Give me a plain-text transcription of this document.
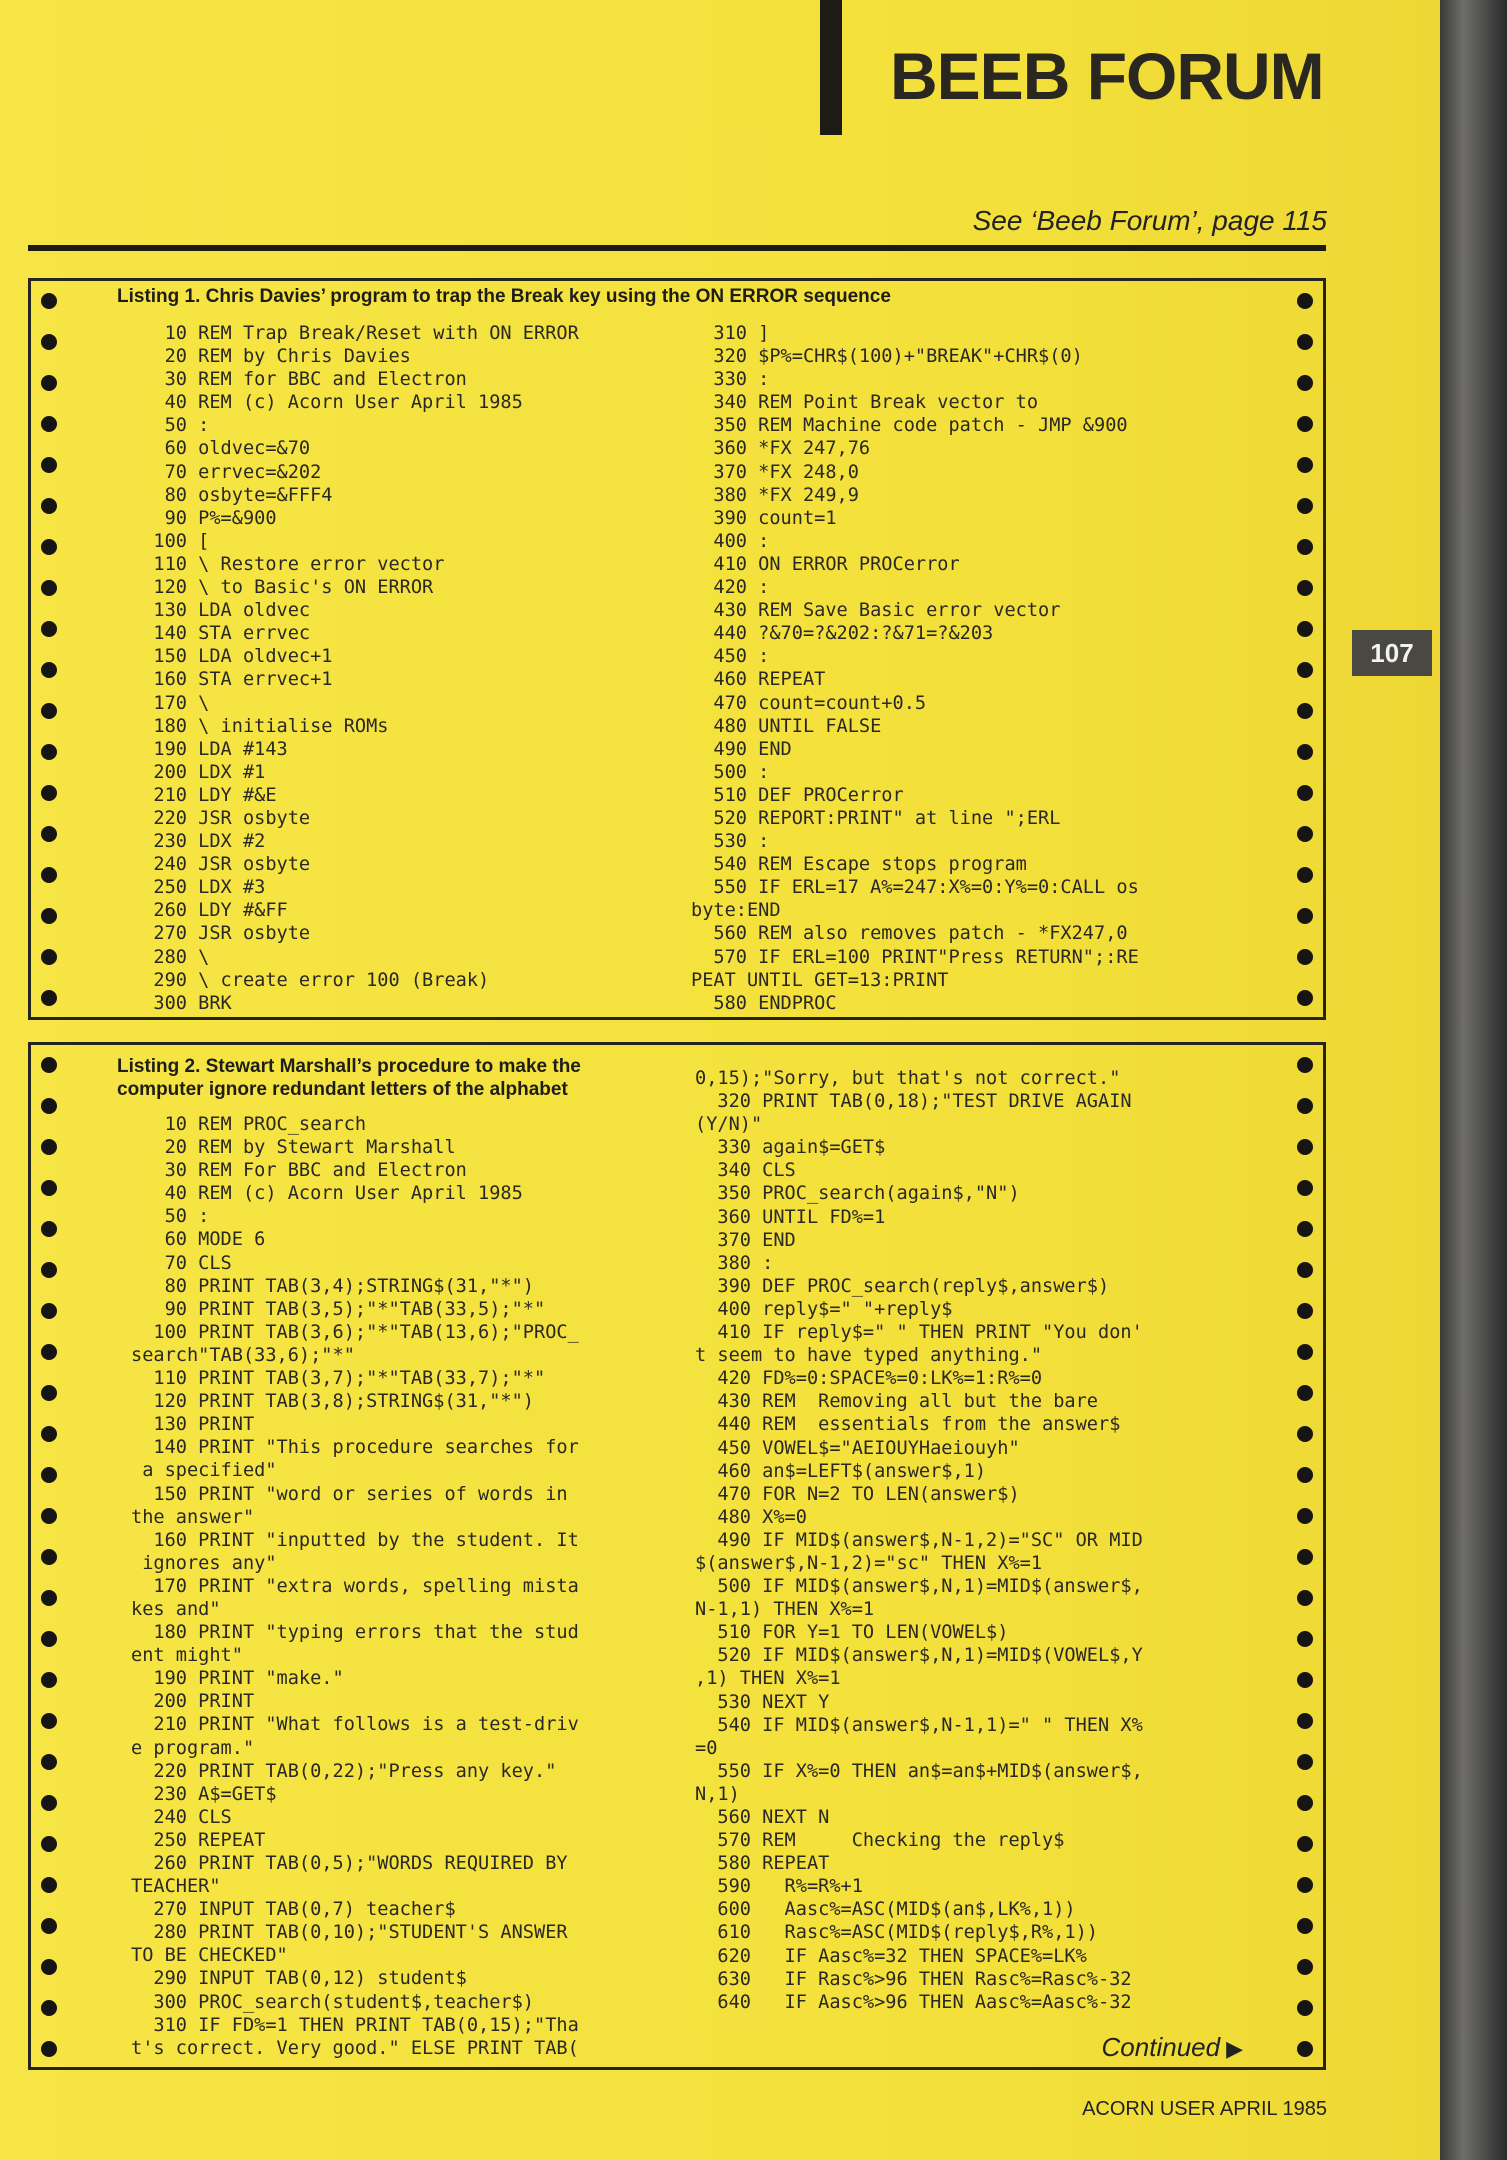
BEEB FORUM
See ‘Beeb Forum’, page 115
107
Listing 1. Chris Davies’ program to trap the Break key using the ON ERROR sequence
10 REM Trap Break/Reset with ON ERROR
20 REM by Chris Davies
30 REM for BBC and Electron
40 REM (c) Acorn User April 1985
50 :
60 oldvec=&70
70 errvec=&202
80 osbyte=&FFF4
90 P%=&900
100 [
110 \ Restore error vector
120 \ to Basic's ON ERROR
130 LDA oldvec
140 STA errvec
150 LDA oldvec+1
160 STA errvec+1
170 \
180 \ initialise ROMs
190 LDA #143
200 LDX #1
210 LDY #&E
220 JSR osbyte
230 LDX #2
240 JSR osbyte
250 LDX #3
260 LDY #&FF
270 JSR osbyte
280 \
290 \ create error 100 (Break)
300 BRK
310 ]
320 $P%=CHR$(100)+"BREAK"+CHR$(0)
330 :
340 REM Point Break vector to
350 REM Machine code patch - JMP &900
360 *FX 247,76
370 *FX 248,0
380 *FX 249,9
390 count=1
400 :
410 ON ERROR PROCerror
420 :
430 REM Save Basic error vector
440 ?&70=?&202:?&71=?&203
450 :
460 REPEAT
470 count=count+0.5
480 UNTIL FALSE
490 END
500 :
510 DEF PROCerror
520 REPORT:PRINT" at line ";ERL
530 :
540 REM Escape stops program
550 IF ERL=17 A%=247:X%=0:Y%=0:CALL os
byte:END
560 REM also removes patch - *FX247,0
570 IF ERL=100 PRINT"Press RETURN";:RE
PEAT UNTIL GET=13:PRINT
580 ENDPROC
Listing 2. Stewart Marshall’s procedure to make the
computer ignore redundant letters of the alphabet
10 REM PROC_search
20 REM by Stewart Marshall
30 REM For BBC and Electron
40 REM (c) Acorn User April 1985
50 :
60 MODE 6
70 CLS
80 PRINT TAB(3,4);STRING$(31,"*")
90 PRINT TAB(3,5);"*"TAB(33,5);"*"
100 PRINT TAB(3,6);"*"TAB(13,6);"PROC_
search"TAB(33,6);"*"
110 PRINT TAB(3,7);"*"TAB(33,7);"*"
120 PRINT TAB(3,8);STRING$(31,"*")
130 PRINT
140 PRINT "This procedure searches for
a specified"
150 PRINT "word or series of words in
the answer"
160 PRINT "inputted by the student. It
ignores any"
170 PRINT "extra words, spelling mista
kes and"
180 PRINT "typing errors that the stud
ent might"
190 PRINT "make."
200 PRINT
210 PRINT "What follows is a test-driv
e program."
220 PRINT TAB(0,22);"Press any key."
230 A$=GET$
240 CLS
250 REPEAT
260 PRINT TAB(0,5);"WORDS REQUIRED BY
TEACHER"
270 INPUT TAB(0,7) teacher$
280 PRINT TAB(0,10);"STUDENT'S ANSWER
TO BE CHECKED"
290 INPUT TAB(0,12) student$
300 PROC_search(student$,teacher$)
310 IF FD%=1 THEN PRINT TAB(0,15);"Tha
t's correct. Very good." ELSE PRINT TAB(
0,15);"Sorry, but that's not correct."
320 PRINT TAB(0,18);"TEST DRIVE AGAIN
(Y/N)"
330 again$=GET$
340 CLS
350 PROC_search(again$,"N")
360 UNTIL FD%=1
370 END
380 :
390 DEF PROC_search(reply$,answer$)
400 reply$=" "+reply$
410 IF reply$=" " THEN PRINT "You don'
t seem to have typed anything."
420 FD%=0:SPACE%=0:LK%=1:R%=0
430 REM  Removing all but the bare
440 REM  essentials from the answer$
450 VOWEL$="AEIOUYHaeiouyh"
460 an$=LEFT$(answer$,1)
470 FOR N=2 TO LEN(answer$)
480 X%=0
490 IF MID$(answer$,N-1,2)="SC" OR MID
$(answer$,N-1,2)="sc" THEN X%=1
500 IF MID$(answer$,N,1)=MID$(answer$,
N-1,1) THEN X%=1
510 FOR Y=1 TO LEN(VOWEL$)
520 IF MID$(answer$,N,1)=MID$(VOWEL$,Y
,1) THEN X%=1
530 NEXT Y
540 IF MID$(answer$,N-1,1)=" " THEN X%
=0
550 IF X%=0 THEN an$=an$+MID$(answer$,
N,1)
560 NEXT N
570 REM     Checking the reply$
580 REPEAT
590   R%=R%+1
600   Aasc%=ASC(MID$(an$,LK%,1))
610   Rasc%=ASC(MID$(reply$,R%,1))
620   IF Aasc%=32 THEN SPACE%=LK%
630   IF Rasc%>96 THEN Rasc%=Rasc%-32
640   IF Aasc%>96 THEN Aasc%=Aasc%-32
Continued ▶
ACORN USER APRIL 1985
